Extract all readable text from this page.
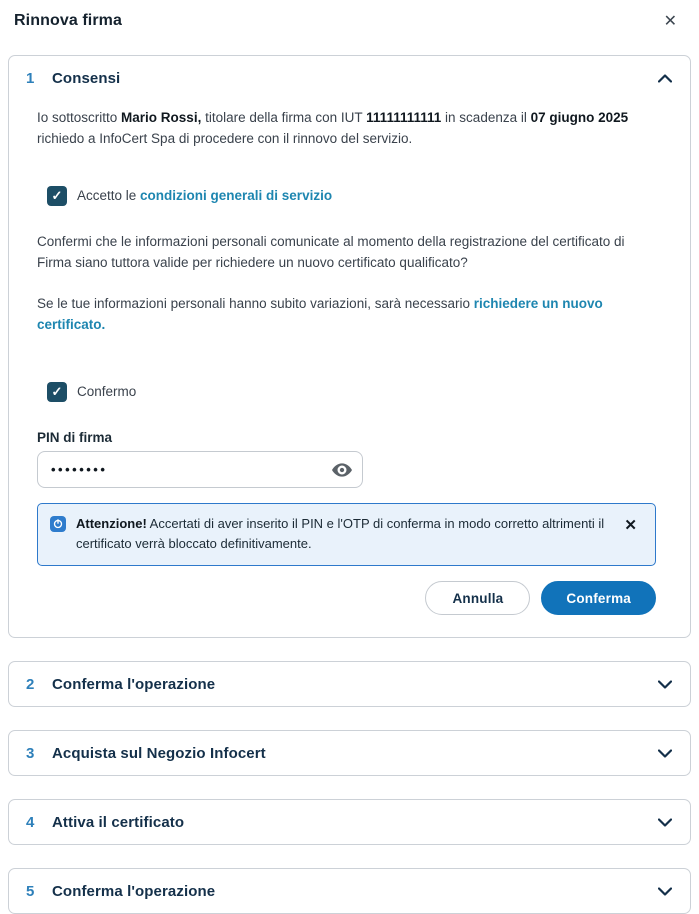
Rinnova firma	✕
1	Consensi

Io sottoscritto Mario Rossi, titolare della firma con IUT 11111111111 in scadenza il 07 giugno 2025 richiedo a InfoCert Spa di procedere con il rinnovo del servizio.

✓ Accetto le condizioni generali di servizio

Confermi che le informazioni personali comunicate al momento della registrazione del certificato di Firma siano tuttora valide per richiedere un nuovo certificato qualificato?

Se le tue informazioni personali hanno subito variazioni, sarà necessario richiedere un nuovo certificato.

✓ Confermo
PIN di firma
••••••••
Attenzione! Accertati di aver inserito il PIN e l'OTP di conferma in modo corretto altrimenti il certificato verrà bloccato definitivamente.
✕
Annulla	Conferma
2	Conferma l'operazione
3	Acquista sul Negozio Infocert
4	Attiva il certificato
5	Conferma l'operazione
